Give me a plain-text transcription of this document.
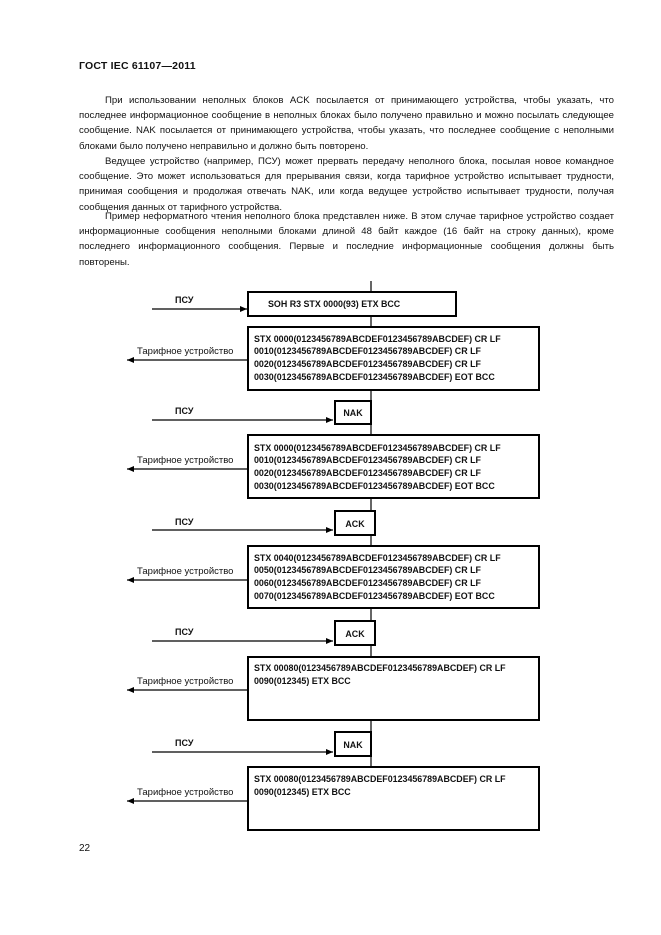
ГОСТ IEC 61107—2011

При использовании неполных блоков ACK посылается от принимающего устройства, чтобы указать, что последнее информационное сообщение в неполных блоках было получено правильно и можно посылать следующее сообщение. NAK посылается от принимающего устройства, чтобы указать, что последнее сообщение с неполными блоками было получено неправильно и должно быть повторено.

Ведущее устройство (например, ПСУ) может прервать передачу неполного блока, посылая новое командное сообщение. Это может использоваться для прерывания связи, когда тарифное устройство испытывает трудности, принимая сообщения и продолжая отвечать NAK, или когда ведущее устройство испытывает трудности, получая сообщения данных от тарифного устройства.

Пример неформатного чтения неполного блока представлен ниже. В этом случае тарифное устройство создает информационные сообщения неполными блоками длиной 48 байт каждое (16 байт на строку данных), кроме последнего информационного сообщения. Первые и последние информационные сообщения должны быть повторены.

ПСУ	SOH R3 STX 0000(93) ETX BCC
STX 0000(0123456789ABCDEF0123456789ABCDEF) CR LF
0010(0123456789ABCDEF0123456789ABCDEF) CR LF
0020(0123456789ABCDEF0123456789ABCDEF) CR LF
0030(0123456789ABCDEF0123456789ABCDEF) EOT BCC
Тарифное устройство
ПСУ	NAK
STX 0000(0123456789ABCDEF0123456789ABCDEF) CR LF
0010(0123456789ABCDEF0123456789ABCDEF) CR LF
0020(0123456789ABCDEF0123456789ABCDEF) CR LF
0030(0123456789ABCDEF0123456789ABCDEF) EOT BCC
Тарифное устройство
ПСУ	ACK
STX 0040(0123456789ABCDEF0123456789ABCDEF) CR LF
0050(0123456789ABCDEF0123456789ABCDEF) CR LF
0060(0123456789ABCDEF0123456789ABCDEF) CR LF
0070(0123456789ABCDEF0123456789ABCDEF) EOT BCC
Тарифное устройство
ПСУ	ACK
STX 00080(0123456789ABCDEF0123456789ABCDEF) CR LF
0090(012345) ETX BCC
Тарифное устройство
ПСУ	NAK
STX 00080(0123456789ABCDEF0123456789ABCDEF) CR LF
0090(012345) ETX BCC
Тарифное устройство
22
